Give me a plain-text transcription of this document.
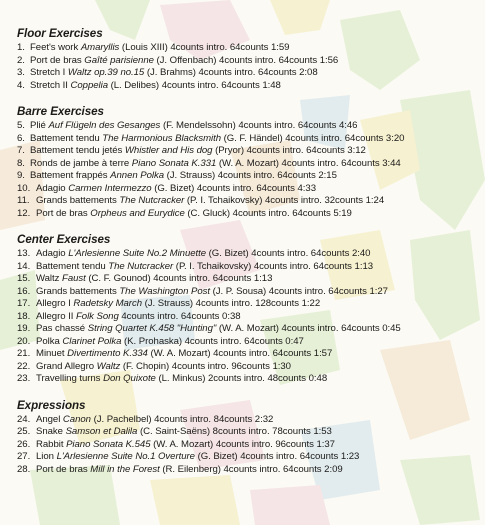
Floor Exercises
1. Feet's work Amaryllis (Louis XIII) 4counts intro. 64counts 1:59
2. Port de bras Gaîté parisienne (J. Offenbach) 4counts intro. 64counts 1:56
3. Stretch I Waltz op.39 no.15 (J. Brahms) 4counts intro. 64counts 2:08
4. Stretch II Coppelia (L. Delibes) 4counts intro. 64counts 1:48
Barre Exercises
5. Plié Auf Flügeln des Gesanges (F. Mendelssohn) 4counts intro. 64counts 4:46
6. Battement tendu The Harmonious Blacksmith (G. F. Händel) 4counts intro. 64counts 3:20
7. Battement tendu jetés Whistler and His dog (Pryor) 4counts intro. 64counts 3:12
8. Ronds de jambe à terre Piano Sonata K.331 (W. A. Mozart) 4counts intro. 64counts 3:44
9. Battement frappés Annen Polka (J. Strauss) 4counts intro. 64counts 2:15
10. Adagio Carmen Intermezzo (G. Bizet) 4counts intro. 64counts 4:33
11. Grands battements The Nutcracker (P. I. Tchaikovsky) 4counts intro. 32counts 1:24
12. Port de bras Orpheus and Eurydice (C. Gluck) 4counts intro. 64counts 5:19
Center Exercises
13. Adagio L'Arlesienne Suite No.2 Minuette (G. Bizet) 4counts intro. 64counts 2:40
14. Battement tendu The Nutcracker (P. I. Tchaikovsky) 4counts intro. 64counts 1:13
15. Waltz Faust (C. F. Gounod) 4counts intro. 64counts 1:13
16. Grands battements The Washington Post (J. P. Sousa) 4counts intro. 64counts 1:27
17. Allegro I Radetsky March (J. Strauss) 4counts intro. 128counts 1:22
18. Allegro II Folk Song 4counts intro. 64counts 0:38
19. Pas chassé String Quartet K.458 "Hunting" (W. A. Mozart) 4counts intro. 64counts 0:45
20. Polka Clarinet Polka (K. Prohaska) 4counts intro. 64counts 0:47
21. Minuet Divertimento K.334 (W. A. Mozart) 4counts intro. 64counts 1:57
22. Grand Allegro Waltz (F. Chopin) 4counts intro. 96counts 1:30
23. Travelling turns Don Quixote (L. Minkus) 2counts intro. 48counts 0:48
Expressions
24. Angel Canon (J. Pachelbel) 4counts intro. 84counts 2:32
25. Snake Samson et Dalila (C. Saint-Saëns) 8counts intro. 78counts 1:53
26. Rabbit Piano Sonata K.545 (W. A. Mozart) 4counts intro. 96counts 1:37
27. Lion L'Arlesienne Suite No.1 Overture (G. Bizet) 4counts intro. 64counts 1:23
28. Port de bras Mill in the Forest (R. Eilenberg) 4counts intro. 64counts 2:09
